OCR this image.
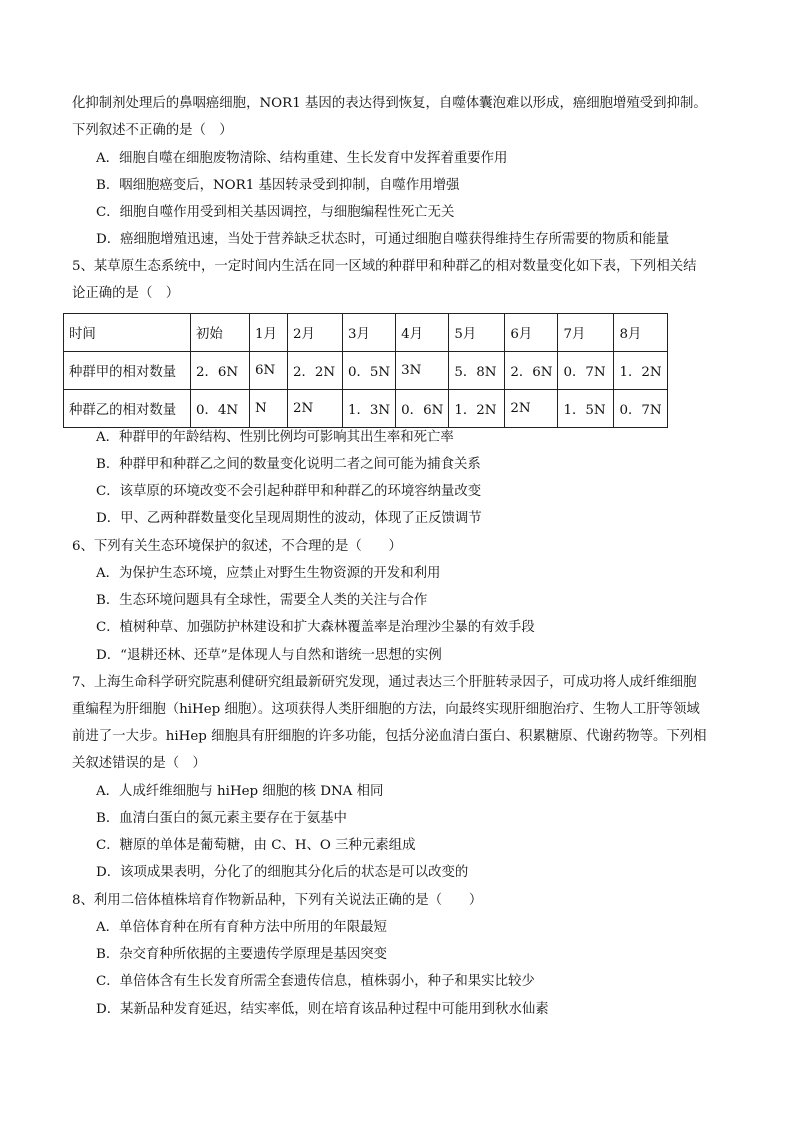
化抑制剂处理后的鼻咽癌细胞，NOR1 基因的表达得到恢复，自噬体囊泡难以形成，癌细胞增殖受到抑制。
下列叙述不正确的是（　）
A．细胞自噬在细胞废物清除、结构重建、生长发育中发挥着重要作用
B．咽细胞癌变后，NOR1 基因转录受到抑制，自噬作用增强
C．细胞自噬作用受到相关基因调控，与细胞编程性死亡无关
D．癌细胞增殖迅速，当处于营养缺乏状态时，可通过细胞自噬获得维持生存所需要的物质和能量
5、某草原生态系统中，一定时间内生活在同一区域的种群甲和种群乙的相对数量变化如下表，下列相关结
论正确的是（　）
时间	初始	1月	2月	3月	4月	5月	6月	7月	8月
种群甲的相对数量	2．6N	6N	2．2N	0．5N	3N	5．8N	2．6N	0．7N	1．2N
种群乙的相对数量	0．4N	N	2N	1．3N	0．6N	1．2N	2N	1．5N	0．7N
A．种群甲的年龄结构、性别比例均可影响其出生率和死亡率
B．种群甲和种群乙之间的数量变化说明二者之间可能为捕食关系
C．该草原的环境改变不会引起种群甲和种群乙的环境容纳量改变
D．甲、乙两种群数量变化呈现周期性的波动，体现了正反馈调节
6、下列有关生态环境保护的叙述，不合理的是（　　）
A．为保护生态环境，应禁止对野生生物资源的开发和利用
B．生态环境问题具有全球性，需要全人类的关注与合作
C．植树种草、加强防护林建设和扩大森林覆盖率是治理沙尘暴的有效手段
D．“退耕还林、还草”是体现人与自然和谐统一思想的实例
7、上海生命科学研究院惠利健研究组最新研究发现，通过表达三个肝脏转录因子，可成功将人成纤维细胞
重编程为肝细胞（hiHep 细胞）。这项获得人类肝细胞的方法，向最终实现肝细胞治疗、生物人工肝等领域
前进了一大步。hiHep 细胞具有肝细胞的许多功能，包括分泌血清白蛋白、积累糖原、代谢药物等。下列相
关叙述错误的是（　）
A．人成纤维细胞与 hiHep 细胞的核 DNA 相同
B．血清白蛋白的氮元素主要存在于氨基中
C．糖原的单体是葡萄糖，由 C、H、O 三种元素组成
D．该项成果表明，分化了的细胞其分化后的状态是可以改变的
8、利用二倍体植株培育作物新品种，下列有关说法正确的是（　　）
A．单倍体育种在所有育种方法中所用的年限最短
B．杂交育种所依据的主要遗传学原理是基因突变
C．单倍体含有生长发育所需全套遗传信息，植株弱小，种子和果实比较少
D．某新品种发育延迟，结实率低，则在培育该品种过程中可能用到秋水仙素
